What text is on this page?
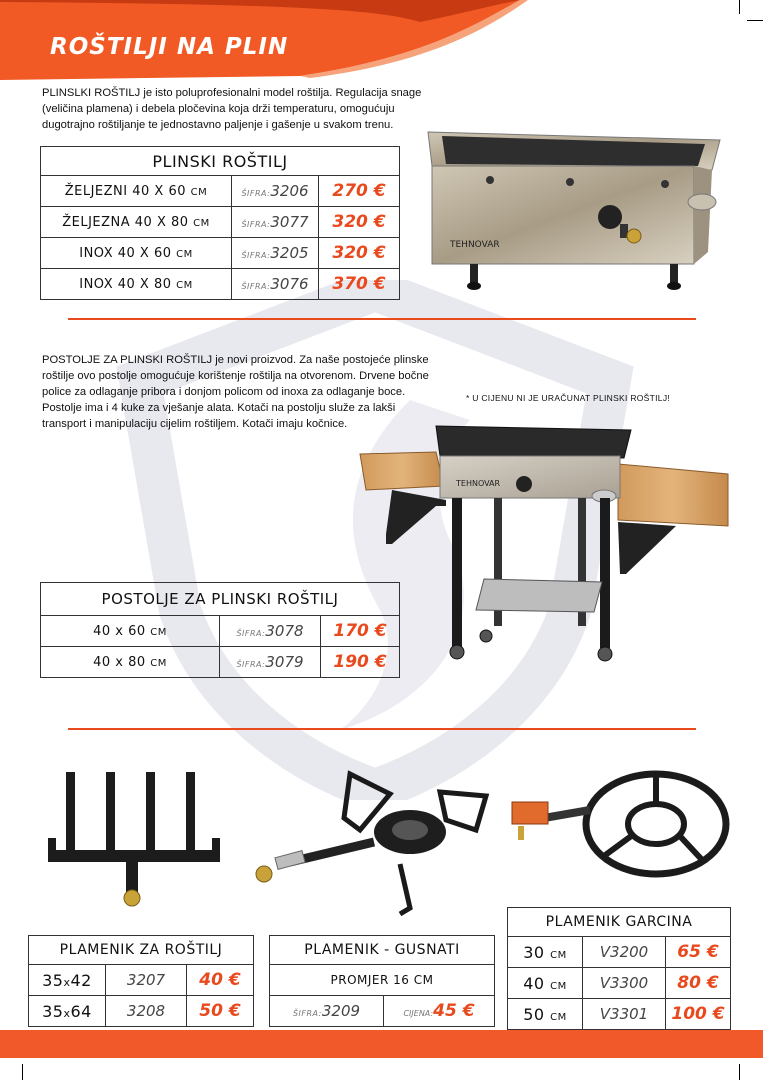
ROŠTILJI NA PLIN
PLINSLKI ROŠTILJ je isto poluprofesionalni model roštilja. Regulacija snage (veličina plamena) i debela pločevina koja drži temperaturu, omogućuju dugotrajno roštiljanje te jednostavno paljenje i gašenje u svakom trenu.
PLINSKI ROŠTILJ		
ŽELJEZNI 40 X 60 CM	ŠIFRA:3206	270 €
ŽELJEZNA 40 X 80 CM	ŠIFRA:3077	320 €
INOX 40 X 60 CM	ŠIFRA:3205	320 €
INOX 40 X 80 CM	ŠIFRA:3076	370 €
TEHNOVAR
POSTOLJE ZA PLINSKI ROŠTILJ je novi proizvod. Za naše postojeće plinske roštilje ovo postolje omogućuje korištenje roštilja na otvorenom. Drvene bočne police za odlaganje pribora i donjom policom od inoxa za odlaganje boce. Postolje ima i 4 kuke za vješanje alata. Kotači na postolju služe za lakši transport i manipulaciju cijelim roštiljem. Kotači imaju kočnice.
* U CIJENU NI JE URAČUNAT PLINSKI ROŠTILJ!
TEHNOVAR
POSTOLJE ZA PLINSKI ROŠTILJ		
40 x 60 CM	ŠIFRA:3078	170 €
40 x 80 CM	ŠIFRA:3079	190 €
PLAMENIK ZA ROŠTILJ		
35x42	3207	40 €
35x64	3208	50 €
PLAMENIK - GUSNATI
PROMJER 16 CM
ŠIFRA:3209	CIJENA:45 €
PLAMENIK GARCINA		
30 CM	V3200	65 €
40 CM	V3300	80 €
50 CM	V3301	100 €
